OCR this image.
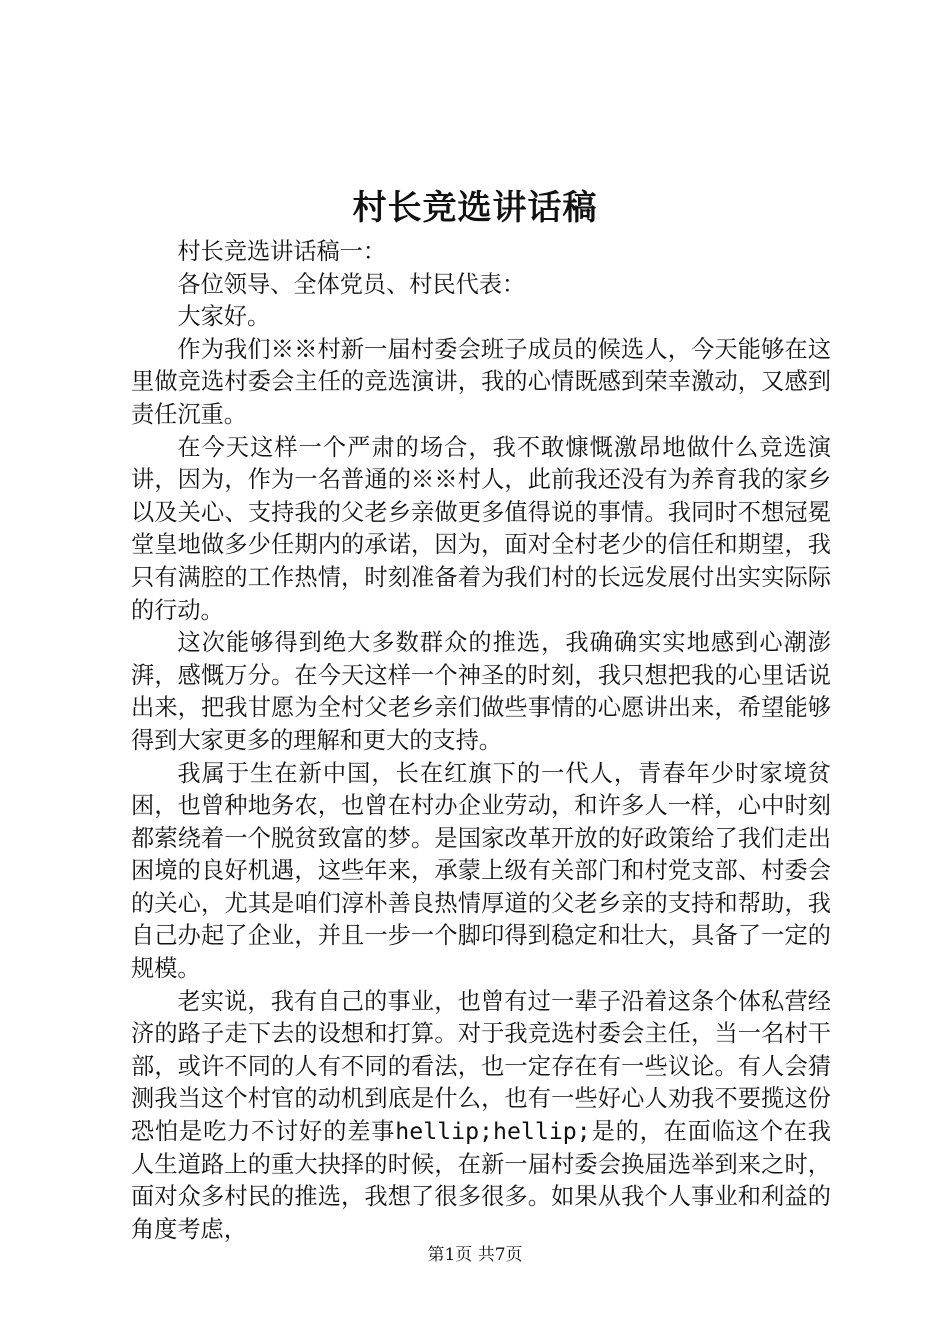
村长竞选讲话稿

村长竞选讲话稿一：

各位领导、全体党员、村民代表：

大家好。

作为我们※※村新一届村委会班子成员的候选人，今天能够在这里做竞选村委会主任的竞选演讲，我的心情既感到荣幸激动，又感到责任沉重。

在今天这样一个严肃的场合，我不敢慷慨激昂地做什么竞选演讲，因为，作为一名普通的※※村人，此前我还没有为养育我的家乡以及关心、支持我的父老乡亲做更多值得说的事情。我同时不想冠冕堂皇地做多少任期内的承诺，因为，面对全村老少的信任和期望，我只有满腔的工作热情，时刻准备着为我们村的长远发展付出实实际际的行动。

这次能够得到绝大多数群众的推选，我确确实实地感到心潮澎湃，感慨万分。在今天这样一个神圣的时刻，我只想把我的心里话说出来，把我甘愿为全村父老乡亲们做些事情的心愿讲出来，希望能够得到大家更多的理解和更大的支持。

我属于生在新中国，长在红旗下的一代人，青春年少时家境贫困，也曾种地务农，也曾在村办企业劳动，和许多人一样，心中时刻都萦绕着一个脱贫致富的梦。是国家改革开放的好政策给了我们走出困境的良好机遇，这些年来，承蒙上级有关部门和村党支部、村委会的关心，尤其是咱们淳朴善良热情厚道的父老乡亲的支持和帮助，我自己办起了企业，并且一步一个脚印得到稳定和壮大，具备了一定的规模。

老实说，我有自己的事业，也曾有过一辈子沿着这条个体私营经济的路子走下去的设想和打算。对于我竞选村委会主任，当一名村干部，或许不同的人有不同的看法，也一定存在有一些议论。有人会猜测我当这个村官的动机到底是什么，也有一些好心人劝我不要揽这份恐怕是吃力不讨好的差事hellip;hellip;是的，在面临这个在我人生道路上的重大抉择的时候，在新一届村委会换届选举到来之时，面对众多村民的推选，我想了很多很多。如果从我个人事业和利益的角度考虑，

第1页 共7页
